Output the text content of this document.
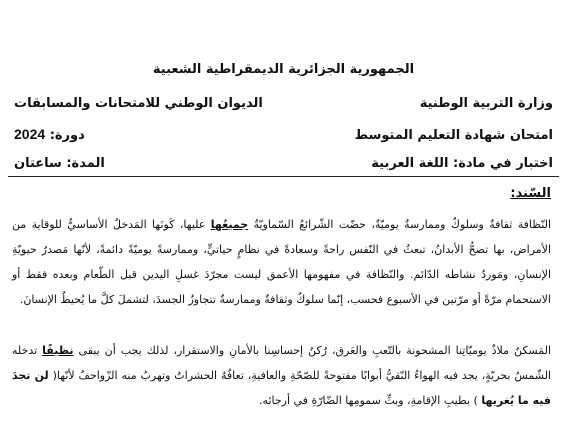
الجمهورية الجزائرية الديمقراطية الشعبية
وزارة التربية الوطنية
الديوان الوطني للامتحانات والمسابقات
امتحان شهادة التعليم المتوسط
دورة: 2024
اختبار في مادة: اللغة العربية
المدة: ساعتان
السّند:
النّظافة ثقافةٌ وسلوكٌ وممارسةٌ يوميّةٌ، حضّت الشّرائعُ السّماويّةُ جميعُها عليها، كَونَها المَدخلُ الأساسيُّ للوقاية من الأمراض، بها تصحُّ الأبدانُ، تبعثُ في النّفس راحةً وسعادةً في نظامٍ حياتيٍّ، وممارسةً يوميّةً دائمةً، لأنّها مَصدرُ حيويّةِ الإنسانِ، ومَوردُ نشاطه الدّائم. والنّظافة في مفهومها الأعمق ليست مجرّدَ غسلِ اليدين قبل الطّعام وبعده فقط أو الاستحمام مرّةً أو مرّتين في الأسبوع فحسب، إنّما سلوكٌ وثقافةٌ وممارسةٌ تتجاوزُ الجسدَ، لتشملَ كلَّ ما يُحيطُ الإنسانَ.
المَسكنُ ملاذٌ يوميّاتِنا المشحونة بالتّعبِ والعَرق، رُكنُ إحساسِنا بالأمانِ والاستقرار، لذلك يجب أن يبقى نظيفًا تدخله الشّمسُ بحريّةٍ، يجد فيه الهواءُ النّقيُّ أبوابًا مفتوحةً للصّحّةِ والعافيةِ، تعافُهُ الحشراتُ وتهربُ منه الزّواحفُ لأنّها( لن تجدَ فيه ما يُغريها ) بطيبِ الإقامةِ، وبثِّ سمومِها الضّارّةِ في أرجائه.
